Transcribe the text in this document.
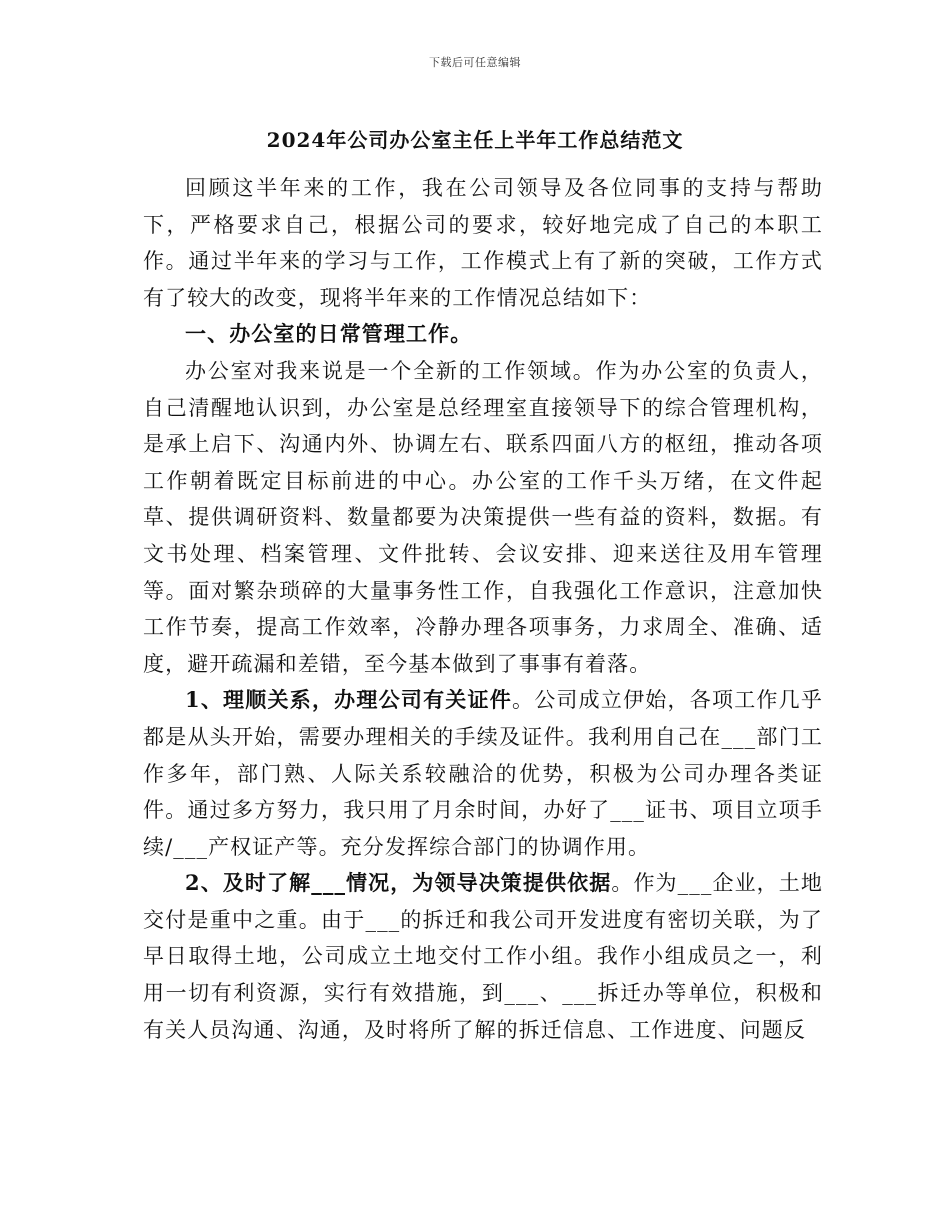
下载后可任意编辑
2024年公司办公室主任上半年工作总结范文

回顾这半年来的工作，我在公司领导及各位同事的支持与帮助下，严格要求自己，根据公司的要求，较好地完成了自己的本职工作。通过半年来的学习与工作，工作模式上有了新的突破，工作方式有了较大的改变，现将半年来的工作情况总结如下：

一、办公室的日常管理工作。

办公室对我来说是一个全新的工作领域。作为办公室的负责人，自己清醒地认识到，办公室是总经理室直接领导下的综合管理机构，是承上启下、沟通内外、协调左右、联系四面八方的枢纽，推动各项工作朝着既定目标前进的中心。办公室的工作千头万绪，在文件起草、提供调研资料、数量都要为决策提供一些有益的资料，数据。有文书处理、档案管理、文件批转、会议安排、迎来送往及用车管理等。面对繁杂琐碎的大量事务性工作，自我强化工作意识，注意加快工作节奏，提高工作效率，冷静办理各项事务，力求周全、准确、适度，避开疏漏和差错，至今基本做到了事事有着落。

1、理顺关系，办理公司有关证件。公司成立伊始，各项工作几乎都是从头开始，需要办理相关的手续及证件。我利用自己在___部门工作多年，部门熟、人际关系较融洽的优势，积极为公司办理各类证件。通过多方努力，我只用了月余时间，办好了___证书、项目立项手续/___产权证产等。充分发挥综合部门的协调作用。

2、及时了解___情况，为领导决策提供依据。作为___企业，土地交付是重中之重。由于___的拆迁和我公司开发进度有密切关联，为了早日取得土地，公司成立土地交付工作小组。我作小组成员之一，利用一切有利资源，实行有效措施，到___、___拆迁办等单位，积极和有关人员沟通、沟通，及时将所了解的拆迁信息、工作进度、问题反
